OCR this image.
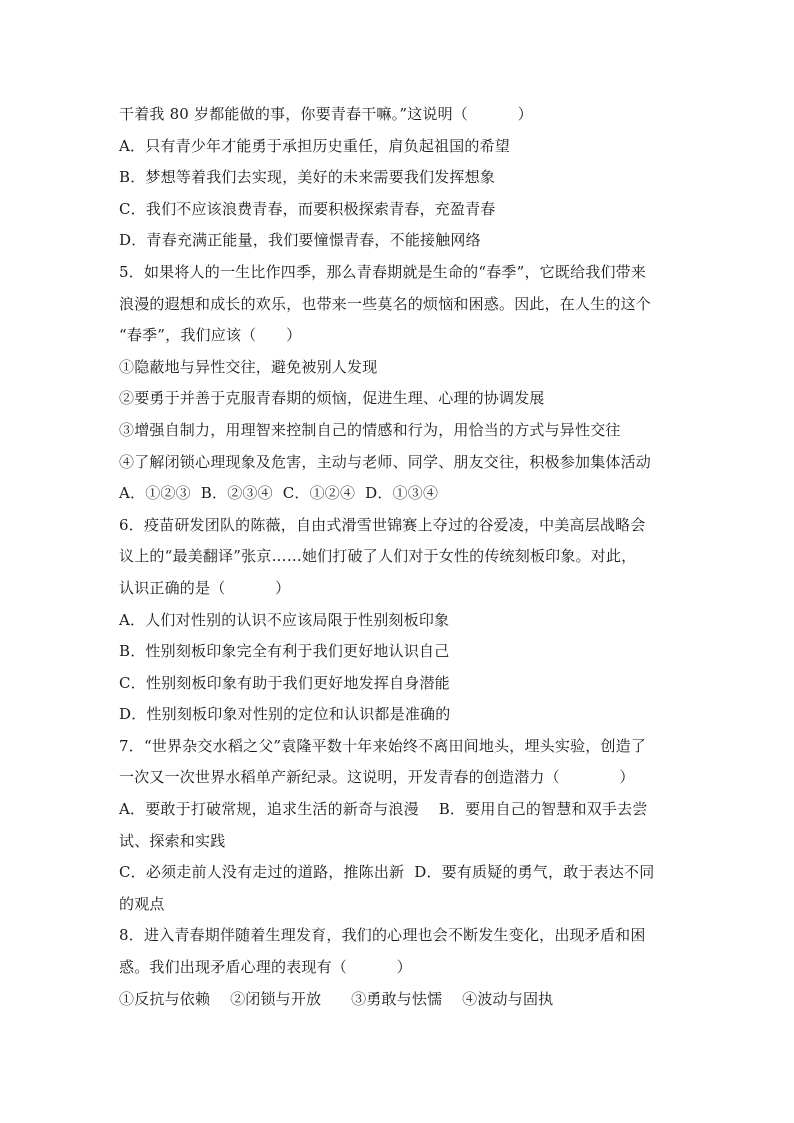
干着我 80 岁都能做的事，你要青春干嘛。”这说明（          ）
A．只有青少年才能勇于承担历史重任，肩负起祖国的希望
B．梦想等着我们去实现，美好的未来需要我们发挥想象
C．我们不应该浪费青春，而要积极探索青春，充盈青春
D．青春充满正能量，我们要憧憬青春，不能接触网络
5．如果将人的一生比作四季，那么青春期就是生命的“春季”，它既给我们带来
浪漫的遐想和成长的欢乐，也带来一些莫名的烦恼和困惑。因此，在人生的这个
“春季”，我们应该（      ）
①隐蔽地与异性交往，避免被别人发现
②要勇于并善于克服青春期的烦恼，促进生理、心理的协调发展
③增强自制力，用理智来控制自己的情感和行为，用恰当的方式与异性交往
④了解闭锁心理现象及危害，主动与老师、同学、朋友交往，积极参加集体活动
A．①②③  B．②③④  C．①②④  D．①③④
6．疫苗研发团队的陈薇，自由式滑雪世锦赛上夺过的谷爱凌，中美高层战略会
议上的“最美翻译”张京……她们打破了人们对于女性的传统刻板印象。对此，
认识正确的是（          ）
A．人们对性别的认识不应该局限于性别刻板印象
B．性别刻板印象完全有利于我们更好地认识自己
C．性别刻板印象有助于我们更好地发挥自身潜能
D．性别刻板印象对性别的定位和认识都是准确的
7．“世界杂交水稻之父”袁隆平数十年来始终不离田间地头，埋头实验，创造了
一次又一次世界水稻单产新纪录。这说明，开发青春的创造潜力（            ）
A．要敢于打破常规，追求生活的新奇与浪漫    B．要用自己的智慧和双手去尝
试、探索和实践
C．必须走前人没有走过的道路，推陈出新  D．要有质疑的勇气，敢于表达不同
的观点
8．进入青春期伴随着生理发育，我们的心理也会不断发生变化，出现矛盾和困
惑。我们出现矛盾心理的表现有（          ）
①反抗与依赖    ②闭锁与开放      ③勇敢与怯懦    ④波动与固执
